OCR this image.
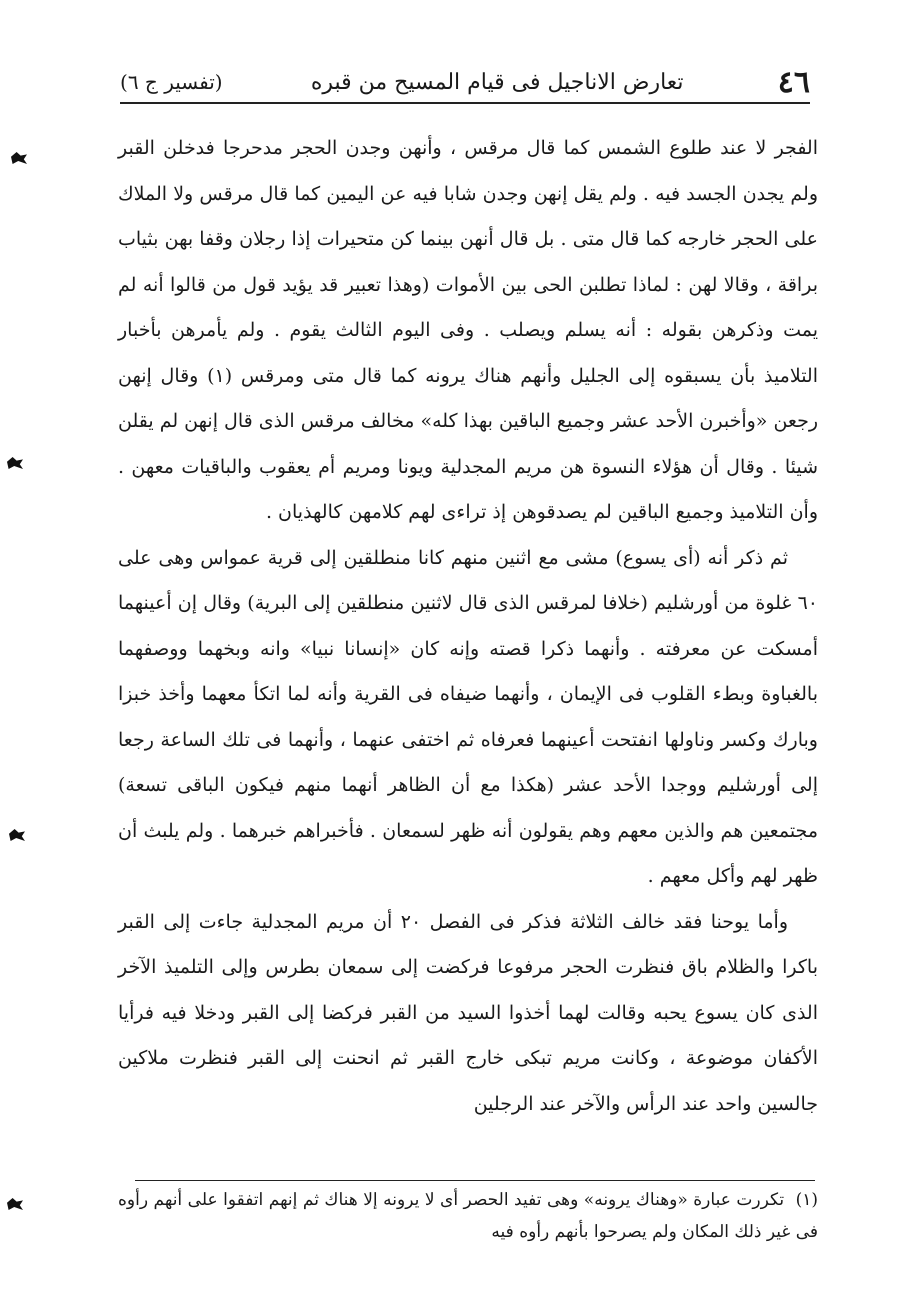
٤٦
تعارض الاناجيل فى قيام المسيح من قبره
(تفسير ج ٦)

الفجر لا عند طلوع الشمس كما قال مرقس ، وأنهن وجدن الحجر مدحرجا فدخلن القبر ولم يجدن الجسد فيه . ولم يقل إنهن وجدن شابا فيه عن اليمين كما قال مرقس ولا الملاك على الحجر خارجه كما قال متى . بل قال أنهن بينما كن متحيرات إذا رجلان وقفا بهن بثياب براقة ، وقالا لهن : لماذا تطلبن الحى بين الأموات (وهذا تعبير قد يؤيد قول من قالوا أنه لم يمت وذكرهن بقوله : أنه يسلم ويصلب . وفى اليوم الثالث يقوم . ولم يأمرهن بأخبار التلاميذ بأن يسبقوه إلى الجليل وأنهم هناك يرونه كما قال متى ومرقس (١) وقال إنهن رجعن «وأخبرن الأحد عشر وجميع الباقين بهذا كله» مخالف مرقس الذى قال إنهن لم يقلن شيئا . وقال أن هؤلاء النسوة هن مريم المجدلية ويونا ومريم أم يعقوب والباقيات معهن . وأن التلاميذ وجميع الباقين لم يصدقوهن إذ تراءى لهم كلامهن كالهذيان .

ثم ذكر أنه (أى يسوع) مشى مع اثنين منهم كانا منطلقين إلى قرية عمواس وهى على ٦٠ غلوة من أورشليم (خلافا لمرقس الذى قال لاثنين منطلقين إلى البرية) وقال إن أعينهما أمسكت عن معرفته . وأنهما ذكرا قصته وإنه كان «إنسانا نبيا» وانه وبخهما ووصفهما بالغباوة وبطء القلوب فى الإيمان ، وأنهما ضيفاه فى القرية وأنه لما اتكأ معهما وأخذ خبزا وبارك وكسر وناولها انفتحت أعينهما فعرفاه ثم اختفى عنهما ، وأنهما فى تلك الساعة رجعا إلى أورشليم ووجدا الأحد عشر (هكذا مع أن الظاهر أنهما منهم فيكون الباقى تسعة) مجتمعين هم والذين معهم وهم يقولون أنه ظهر لسمعان . فأخبراهم خبرهما . ولم يلبث أن ظهر لهم وأكل معهم .

وأما يوحنا فقد خالف الثلاثة فذكر فى الفصل ٢٠ أن مريم المجدلية جاءت إلى القبر باكرا والظلام باق فنظرت الحجر مرفوعا فركضت إلى سمعان بطرس وإلى التلميذ الآخر الذى كان يسوع يحبه وقالت لهما أخذوا السيد من القبر فركضا إلى القبر ودخلا فيه فرأيا الأكفان موضوعة ، وكانت مريم تبكى خارج القبر ثم انحنت إلى القبر فنظرت ملاكين جالسين واحد عند الرأس والآخر عند الرجلين

(١) تكررت عبارة «وهناك يرونه» وهى تفيد الحصر أى لا يرونه إلا هناك ثم إنهم اتفقوا على أنهم رأوه فى غير ذلك المكان ولم يصرحوا بأنهم رأوه فيه
